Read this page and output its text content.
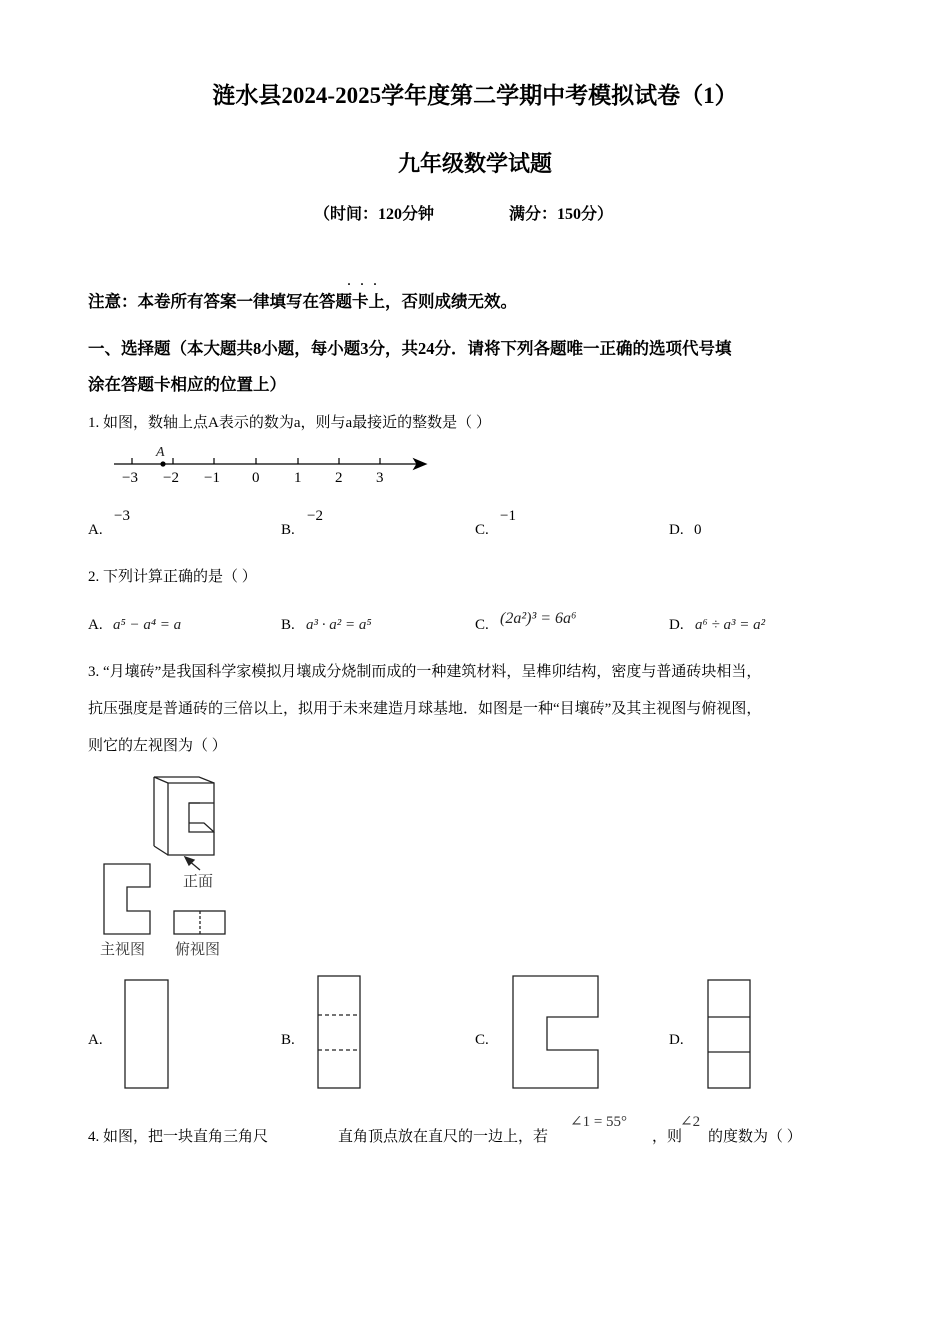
涟水县2024-2025学年度第二学期中考模拟试卷（1）
九年级数学试题
（时间：120分钟	满分：150分）
···
注意：本卷所有答案一律填写在答题卡上，否则成绩无效。
一、选择题（本大题共8小题，每小题3分，共24分．请将下列各题唯一正确的选项代号填
涂在答题卡相应的位置上）
1. 如图，数轴上点A表示的数为a，则与a最接近的整数是（ ）
A
−3 −2 −1 0 1 2 3
A.
−3
B.
−2
C.
−1
D. 0
2. 下列计算正确的是（ ）
A. a⁵ − a⁴ = a	B. a³ · a² = a⁵	C. (2a²)³ = 6a⁶	D. a⁶ ÷ a³ = a²
3. “月壤砖”是我国科学家模拟月壤成分烧制而成的一种建筑材料，呈榫卯结构，密度与普通砖块相当，
抗压强度是普通砖的三倍以上，拟用于未来建造月球基地．如图是一种“目壤砖”及其主视图与俯视图，
则它的左视图为（ ）
正面
主视图 俯视图
A.	B.	C.	D.
4. 如图，把一块直角三角尺	直角顶点放在直尺的一边上，若
∠1 = 55°
，则
∠2
的度数为（ ）
